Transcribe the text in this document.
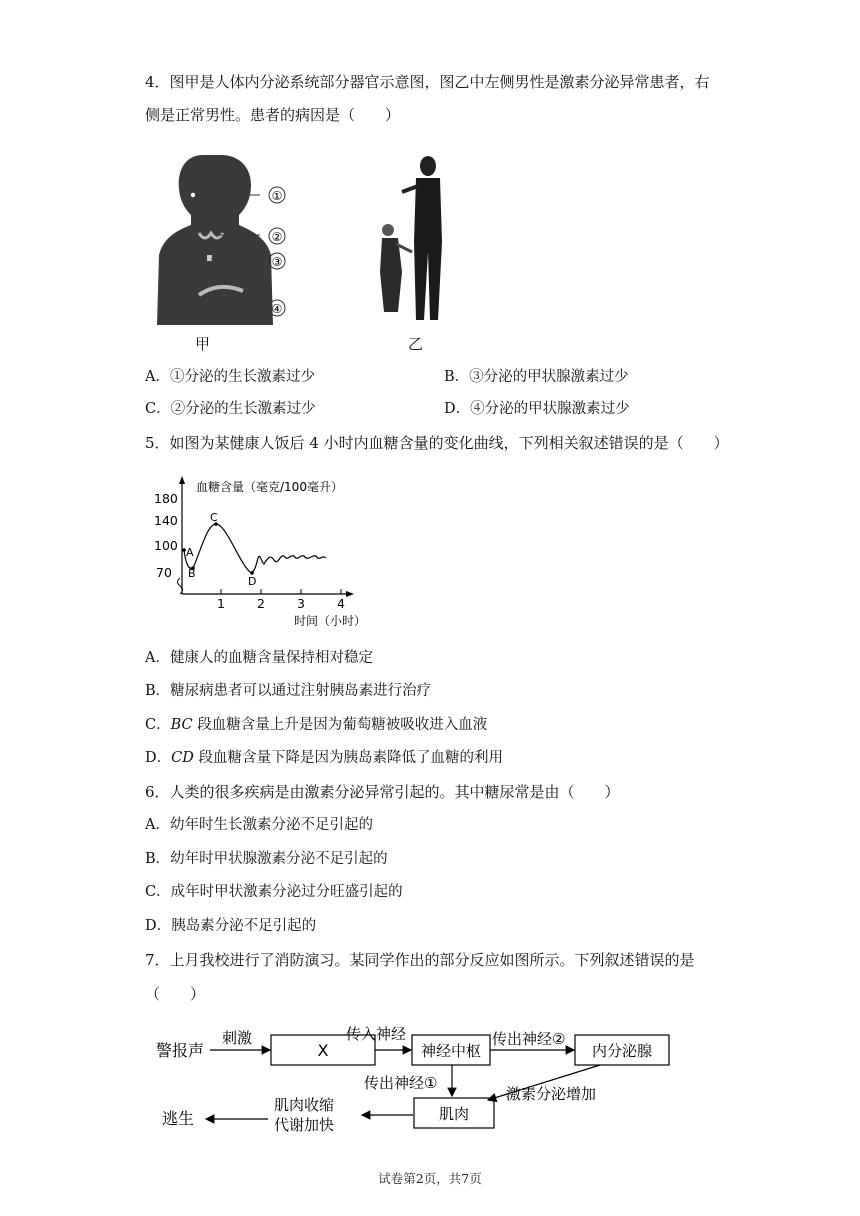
4．图甲是人体内分泌系统部分器官示意图，图乙中左侧男性是激素分泌异常患者，右
侧是正常男性。患者的病因是（　　）
①
②
③
④
甲	乙
A．①分泌的生长激素过少	B．③分泌的甲状腺激素过少
C．②分泌的生长激素过少	D．④分泌的甲状腺激素过少
5．如图为某健康人饭后 4 小时内血糖含量的变化曲线，下列相关叙述错误的是（　　）
血糖含量（毫克/100毫升）
180
140
100
70
1	2	3	4
时间（小时）
A
B
C
D
A．健康人的血糖含量保持相对稳定
B．糖尿病患者可以通过注射胰岛素进行治疗
C．BC 段血糖含量上升是因为葡萄糖被吸收进入血液
D．CD 段血糖含量下降是因为胰岛素降低了血糖的利用
6．人类的很多疾病是由激素分泌异常引起的。其中糖尿常是由（　　）
A．幼年时生长激素分泌不足引起的
B．幼年时甲状腺激素分泌不足引起的
C．成年时甲状激素分泌过分旺盛引起的
D．胰岛素分泌不足引起的
7．上月我校进行了消防演习。某同学作出的部分反应如图所示。下列叙述错误的是
（　　）
警报声
刺激
X
传入神经
神经中枢
传出神经②
内分泌腺
传出神经①
激素分泌增加
肌肉
肌肉收缩
代谢加快
逃生
试卷第2页，共7页
